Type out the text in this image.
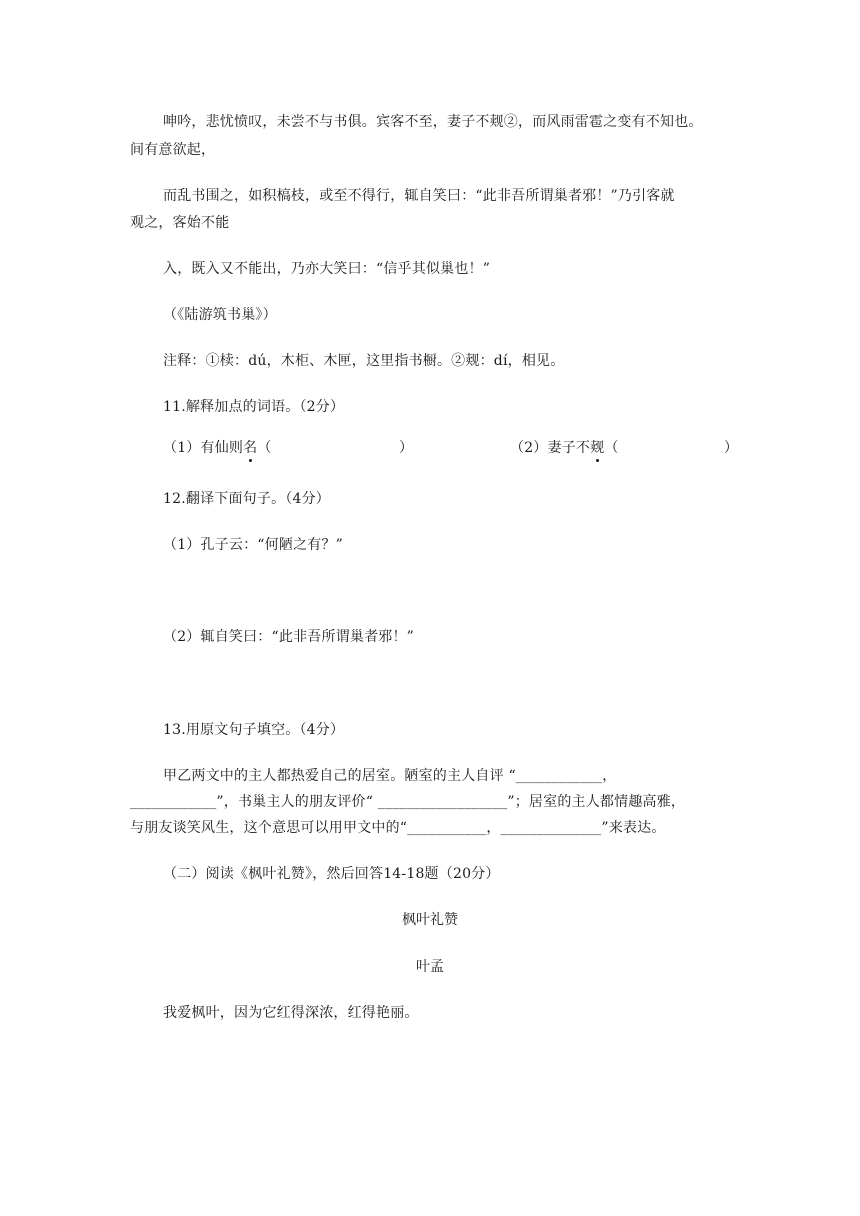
呻吟，悲忧愤叹，未尝不与书俱。宾客不至，妻子不觌②，而风雨雷雹之变有不知也。
间有意欲起，
而乱书围之，如积槁枝，或至不得行，辄自笑曰：“此非吾所谓巢者邪！”乃引客就
观之，客始不能
入，既入又不能出，乃亦大笑曰：“信乎其似巢也！”
（《陆游筑书巢》）
注释：①椟：dú，木柜、木匣，这里指书橱。②觌：dí，相见。
11.解释加点的词语。（2分）
（1）有仙则名（	）	（2）妻子不觌（	）
12.翻译下面句子。（4分）
（1）孔子云：“何陋之有？”
（2）辄自笑曰：“此非吾所谓巢者邪！”
13.用原文句子填空。（4分）
甲乙两文中的主人都热爱自己的居室。陋室的主人自评 “____________，
____________”，书巢主人的朋友评价“ __________________”；居室的主人都情趣高雅，
与朋友谈笑风生，这个意思可以用甲文中的“___________，______________”来表达。
（二）阅读《枫叶礼赞》，然后回答14-18题（20分）
枫叶礼赞
叶孟
我爱枫叶，因为它红得深浓，红得艳丽。
